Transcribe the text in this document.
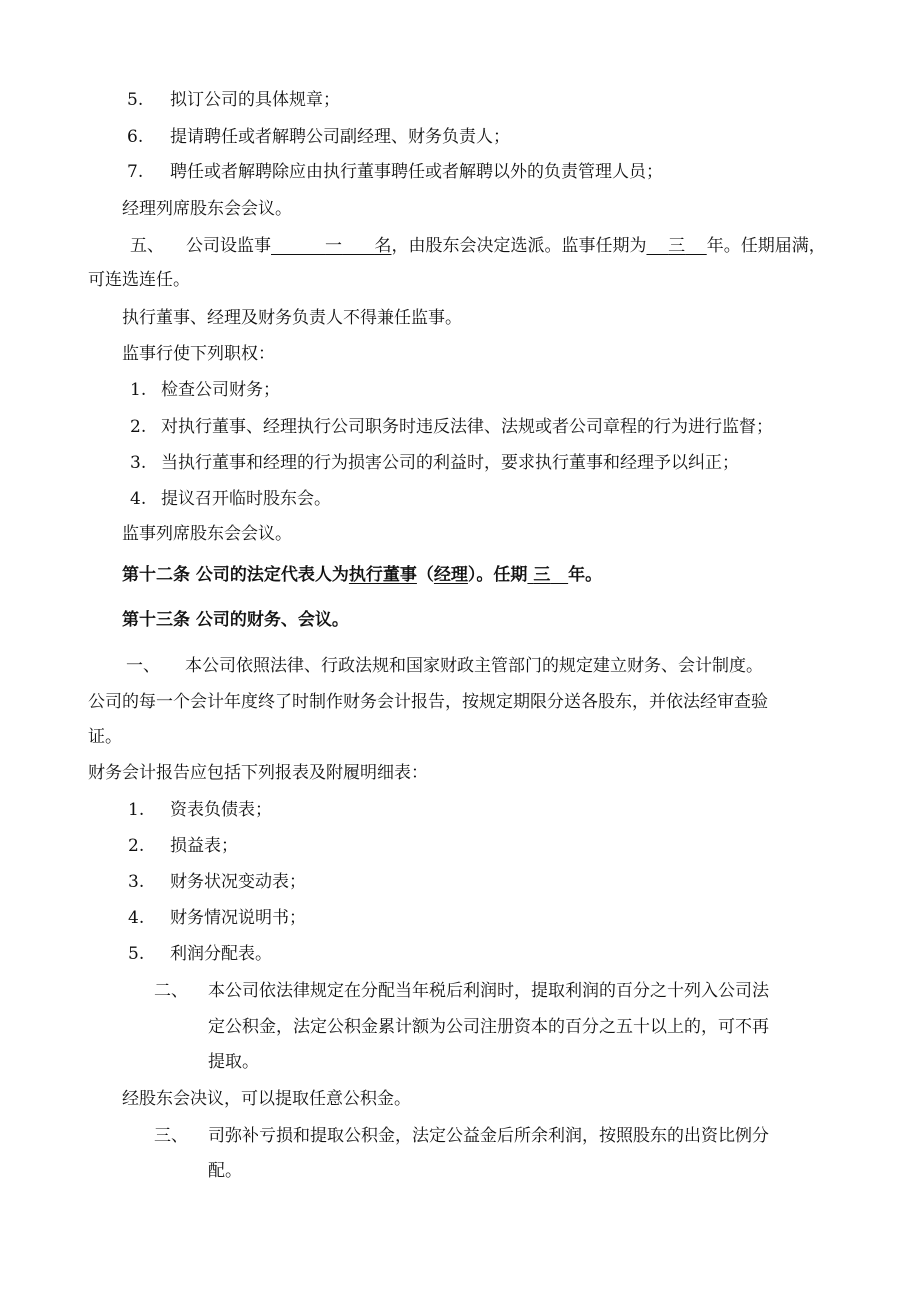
5. 拟订公司的具体规章；
6. 提请聘任或者解聘公司副经理、财务负责人；
7. 聘任或者解聘除应由执行董事聘任或者解聘以外的负责管理人员；
经理列席股东会会议。
五、 公司设监事	一 名，由股东会决定选派。监事任期为 三 年。任期届满，
可连选连任。
执行董事、经理及财务负责人不得兼任监事。
监事行使下列职权：
1. 检查公司财务；
2. 对执行董事、经理执行公司职务时违反法律、法规或者公司章程的行为进行监督；
3. 当执行董事和经理的行为损害公司的利益时，要求执行董事和经理予以纠正；
4. 提议召开临时股东会。
监事列席股东会会议。
第十二条 公司的法定代表人为执行董事（经理）。任期 三 年。
第十三条 公司的财务、会议。
一、 本公司依照法律、行政法规和国家财政主管部门的规定建立财务、会计制度。
公司的每一个会计年度终了时制作财务会计报告，按规定期限分送各股东，并依法经审查验
证。
财务会计报告应包括下列报表及附履明细表：
1. 资表负债表；
2. 损益表；
3. 财务状况变动表；
4. 财务情况说明书；
5. 利润分配表。
二、 本公司依法律规定在分配当年税后利润时，提取利润的百分之十列入公司法
定公积金，法定公积金累计额为公司注册资本的百分之五十以上的，可不再
提取。
经股东会决议，可以提取任意公积金。
三、 司弥补亏损和提取公积金，法定公益金后所余利润，按照股东的出资比例分
配。
